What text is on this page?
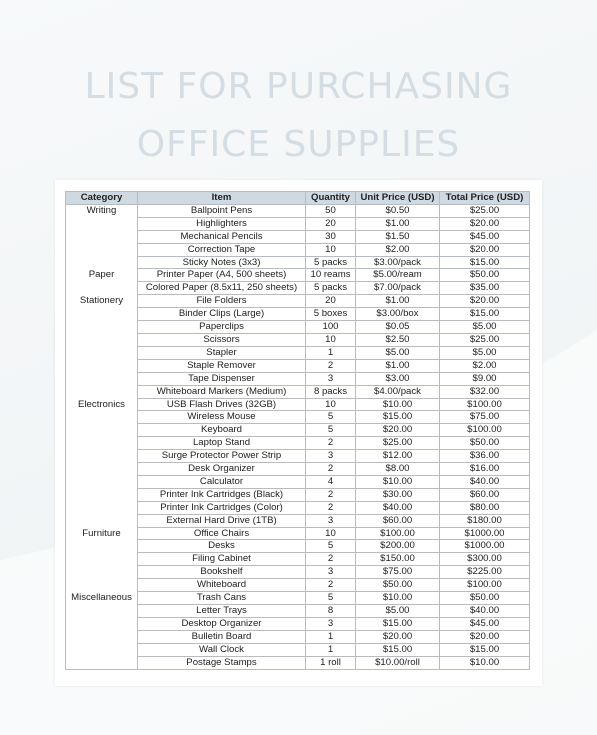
LIST FOR PURCHASING
OFFICE SUPPLIES
Category	Item	Quantity	Unit Price (USD)	Total Price (USD)
Writing	Ballpoint Pens	50	$0.50	$25.00
	Highlighters	20	$1.00	$20.00
	Mechanical Pencils	30	$1.50	$45.00
	Correction Tape	10	$2.00	$20.00
	Sticky Notes (3x3)	5 packs	$3.00/pack	$15.00
Paper	Printer Paper (A4, 500 sheets)	10 reams	$5.00/ream	$50.00
	Colored Paper (8.5x11, 250 sheets)	5 packs	$7.00/pack	$35.00
Stationery	File Folders	20	$1.00	$20.00
	Binder Clips (Large)	5 boxes	$3.00/box	$15.00
	Paperclips	100	$0.05	$5.00
	Scissors	10	$2.50	$25.00
	Stapler	1	$5.00	$5.00
	Staple Remover	2	$1.00	$2.00
	Tape Dispenser	3	$3.00	$9.00
	Whiteboard Markers (Medium)	8 packs	$4.00/pack	$32.00
Electronics	USB Flash Drives (32GB)	10	$10.00	$100.00
	Wireless Mouse	5	$15.00	$75.00
	Keyboard	5	$20.00	$100.00
	Laptop Stand	2	$25.00	$50.00
	Surge Protector Power Strip	3	$12.00	$36.00
	Desk Organizer	2	$8.00	$16.00
	Calculator	4	$10.00	$40.00
	Printer Ink Cartridges (Black)	2	$30.00	$60.00
	Printer Ink Cartridges (Color)	2	$40.00	$80.00
	External Hard Drive (1TB)	3	$60.00	$180.00
Furniture	Office Chairs	10	$100.00	$1000.00
	Desks	5	$200.00	$1000.00
	Filing Cabinet	2	$150.00	$300.00
	Bookshelf	3	$75.00	$225.00
	Whiteboard	2	$50.00	$100.00
Miscellaneous	Trash Cans	5	$10.00	$50.00
	Letter Trays	8	$5.00	$40.00
	Desktop Organizer	3	$15.00	$45.00
	Bulletin Board	1	$20.00	$20.00
	Wall Clock	1	$15.00	$15.00
	Postage Stamps	1 roll	$10.00/roll	$10.00
